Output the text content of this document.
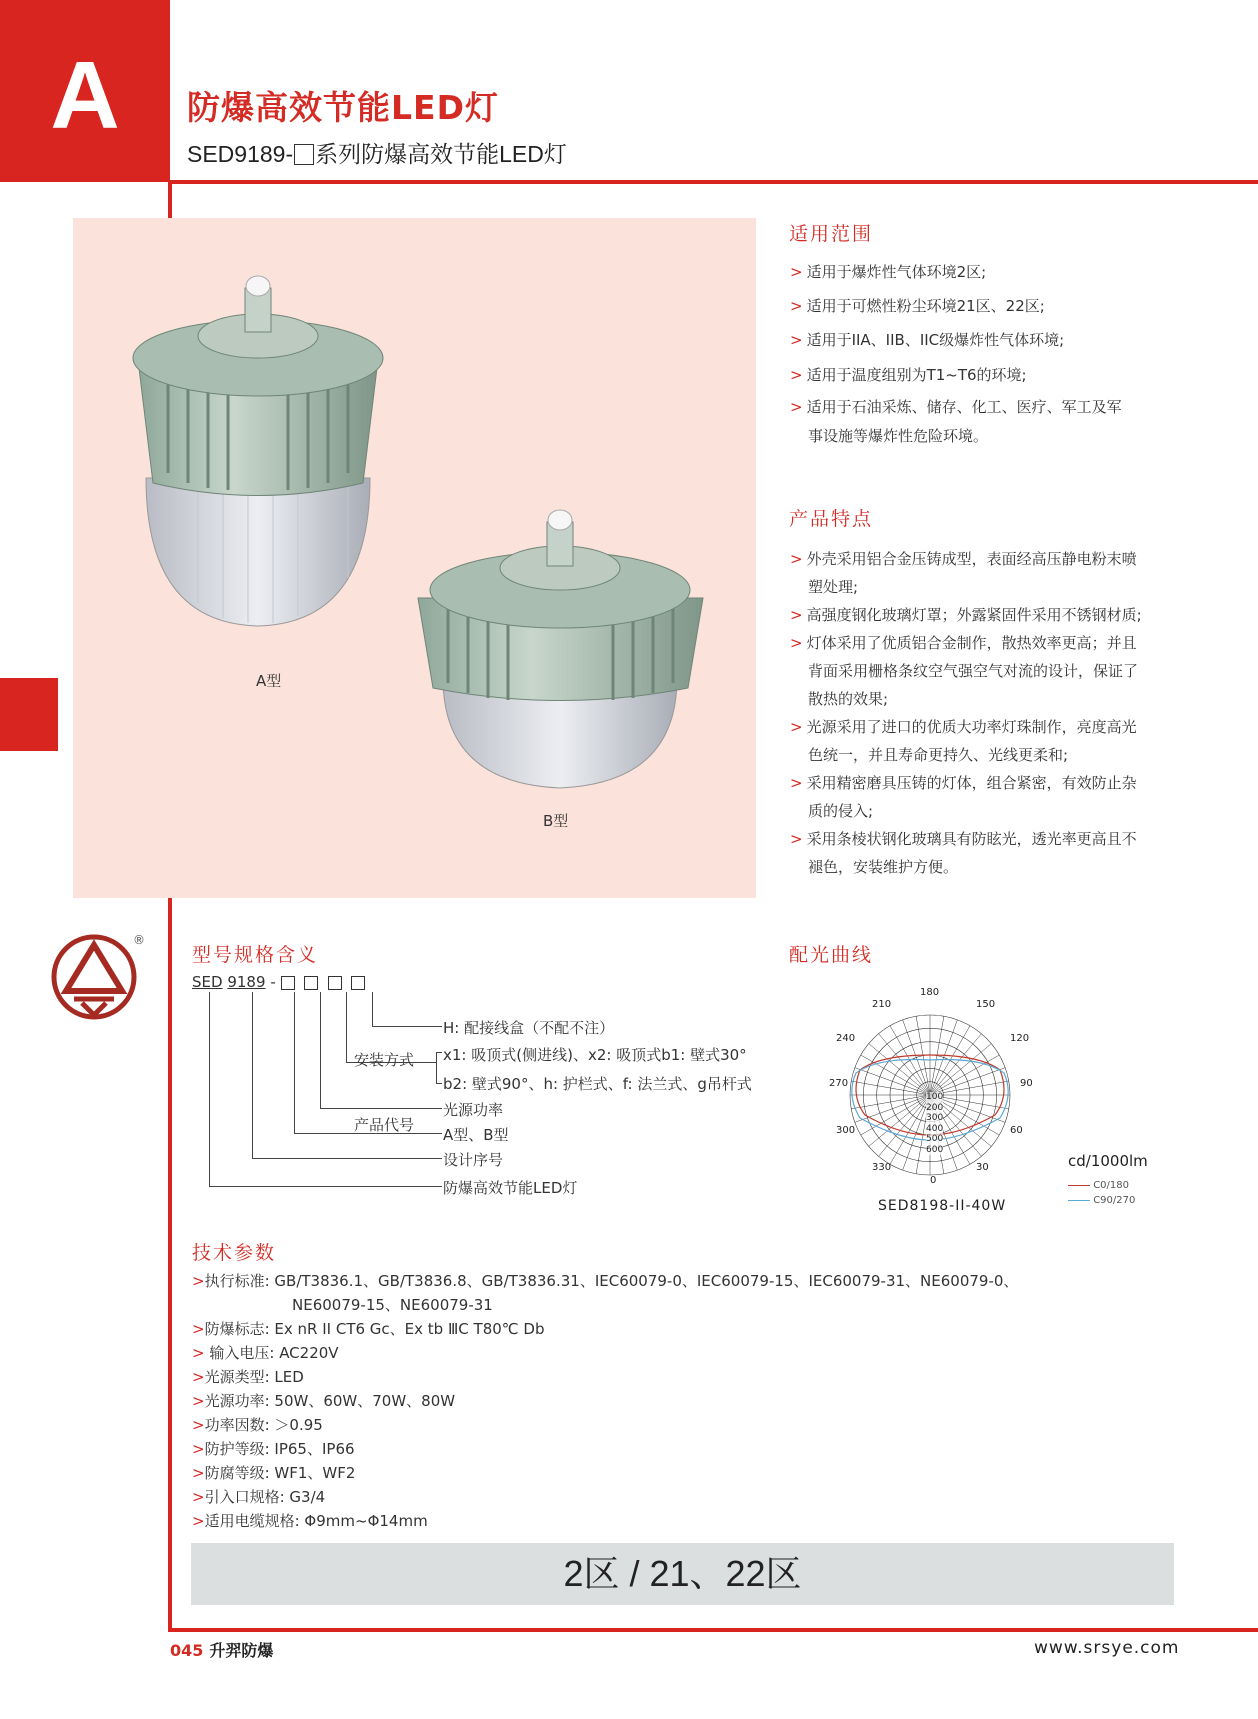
A	防爆高效节能LED灯
SED9189- 系列防爆高效节能LED灯
A型
B型
适用范围
> 适用于爆炸性气体环境2区;
> 适用于可燃性粉尘环境21区、22区;
> 适用于IIA、IIB、IIC级爆炸性气体环境;
> 适用于温度组别为T1~T6的环境;
> 适用于石油采炼、储存、化工、医疗、军工及军
事设施等爆炸性危险环境。
产品特点
> 外壳采用铝合金压铸成型，表面经高压静电粉末喷
塑处理;
> 高强度钢化玻璃灯罩；外露紧固件采用不锈钢材质;
> 灯体采用了优质铝合金制作，散热效率更高；并且
背面采用栅格条纹空气强空气对流的设计，保证了
散热的效果;
> 光源采用了进口的优质大功率灯珠制作，亮度高光
色统一，并且寿命更持久、光线更柔和;
> 采用精密磨具压铸的灯体，组合紧密，有效防止杂
质的侵入;
> 采用条棱状钢化玻璃具有防眩光，透光率更高且不
褪色，安装维护方便。
®
型号规格含义
SED 9189 -
H: 配接线盒（不配不注）
安装方式 x1: 吸顶式(侧进线)、x2: 吸顶式b1: 壁式30°
b2: 壁式90°、h: 护栏式、f: 法兰式、g吊杆式
光源功率
产品代号
A型、B型
设计序号
防爆高效节能LED灯
配光曲线
180
210	150
240	120
270	90
300	60
330	30
0
100
200
300
400
500
600
cd/1000lm
C0/180
C90/270
SED8198-II-40W
技术参数
>执行标准: GB/T3836.1、GB/T3836.8、GB/T3836.31、IEC60079-0、IEC60079-15、IEC60079-31、NE60079-0、
NE60079-15、NE60079-31
>防爆标志: Ex nR II CT6 Gc、Ex tb ⅢC T80℃ Db
> 输入电压: AC220V
>光源类型: LED
>光源功率: 50W、60W、70W、80W
>功率因数: ＞0.95
>防护等级: IP65、IP66
>防腐等级: WF1、WF2
>引入口规格: G3/4
>适用电缆规格: Φ9mm~Φ14mm
2区 / 21、22区
045 升羿防爆	www.srsye.com
